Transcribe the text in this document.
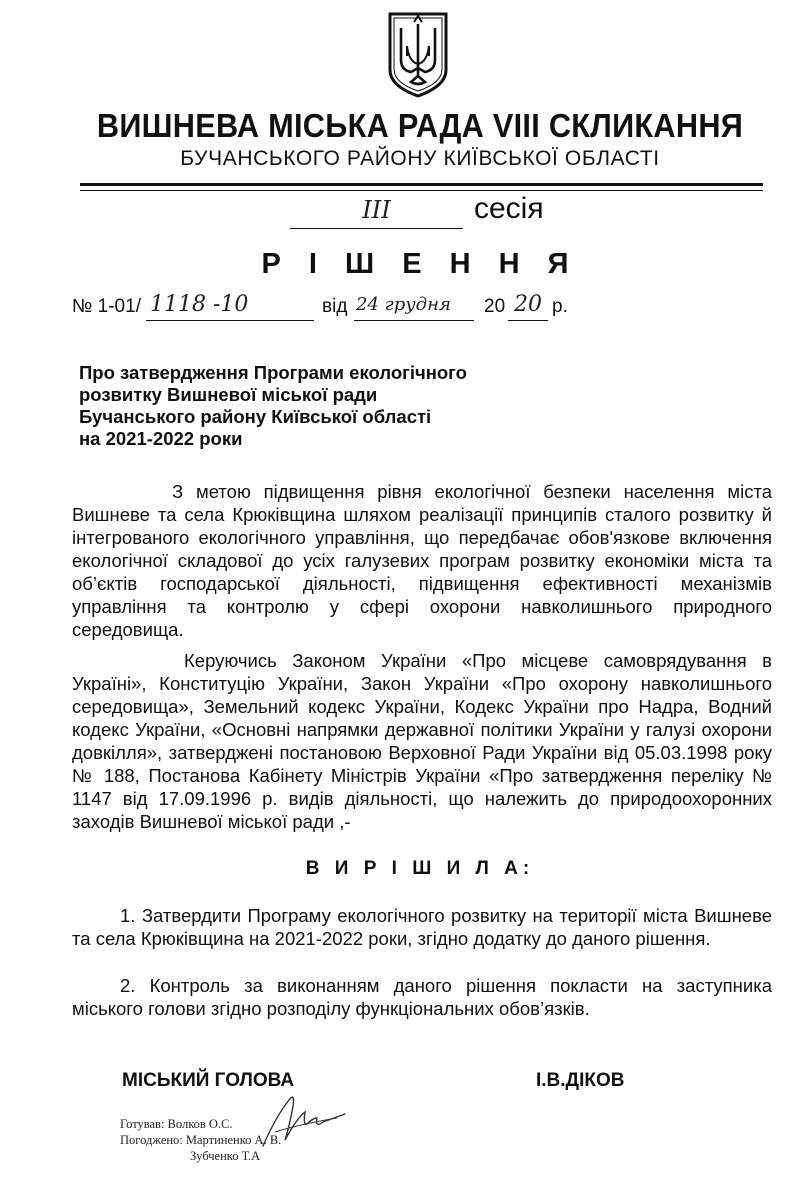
ВИШНЕВА МІСЬКА РАДА VIII СКЛИКАННЯ
БУЧАНСЬКОГО РАЙОНУ КИЇВСЬКОЇ ОБЛАСТІ
III	сесія
Р І Ш Е Н Н Я
№ 1-01/ 1118 -10	від 24 грудня 20 20 р.
Про затвердження Програми екологічного
розвитку Вишневої міської ради
Бучанського району Київської області
на 2021-2022 роки
З метою підвищення рівня екологічної безпеки населення міста Вишневе та села Крюківщина шляхом реалізації принципів сталого розвитку й інтегрованого екологічного управління, що передбачає обов'язкове включення екологічної складової до усіх галузевих програм розвитку економіки міста та об’єктів господарської діяльності, підвищення ефективності механізмів управління та контролю у сфері охорони навколишнього природного середовища.
Керуючись Законом України «Про місцеве самоврядування в Україні», Конституцію України, Закон України «Про охорону навколишнього середовища», Земельний кодекс України, Кодекс України про Надра, Водний кодекс України, «Основні напрямки державної політики України у галузі охорони довкілля», затверджені постановою Верховної Ради України від 05.03.1998 року № 188, Постанова Кабінету Міністрів України «Про затвердження переліку № 1147 від 17.09.1996 р. видів діяльності, що належить до природоохоронних заходів Вишневої міської ради ,-
В И Р І Ш И Л А:
1. Затвердити Програму екологічного розвитку на території міста Вишневе та села Крюківщина на 2021-2022 роки, згідно додатку до даного рішення.
2. Контроль за виконанням даного рішення покласти на заступника міського голови згідно розподілу функціональних обов’язків.
МІСЬКИЙ ГОЛОВА	І.В.ДІКОВ
Готував: Волков О.С.
Погоджено: Мартиненко А. В.
Зубченко Т.А
